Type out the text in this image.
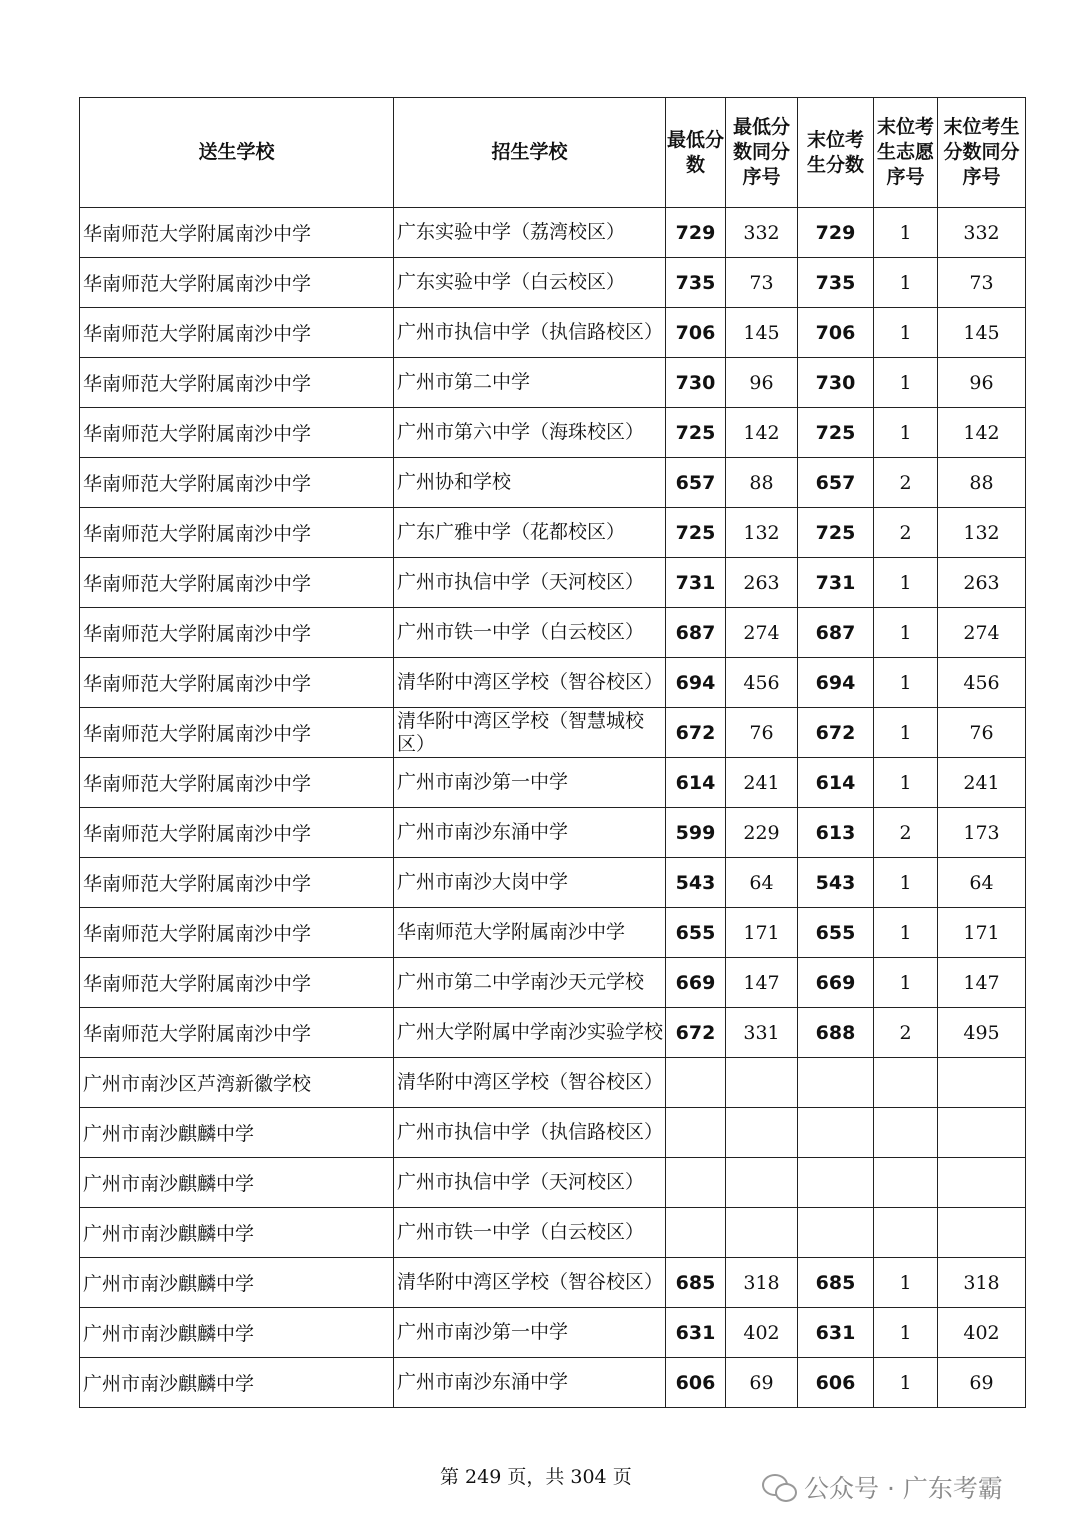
送生学校	招生学校	最低分数	最低分数同分序号	末位考生分数	末位考生志愿序号	末位考生分数同分序号
华南师范大学附属南沙中学	广东实验中学（荔湾校区）	729	332	729	1	332
华南师范大学附属南沙中学	广东实验中学（白云校区）	735	73	735	1	73
华南师范大学附属南沙中学	广州市执信中学（执信路校区）	706	145	706	1	145
华南师范大学附属南沙中学	广州市第二中学	730	96	730	1	96
华南师范大学附属南沙中学	广州市第六中学（海珠校区）	725	142	725	1	142
华南师范大学附属南沙中学	广州协和学校	657	88	657	2	88
华南师范大学附属南沙中学	广东广雅中学（花都校区）	725	132	725	2	132
华南师范大学附属南沙中学	广州市执信中学（天河校区）	731	263	731	1	263
华南师范大学附属南沙中学	广州市铁一中学（白云校区）	687	274	687	1	274
华南师范大学附属南沙中学	清华附中湾区学校（智谷校区）	694	456	694	1	456
华南师范大学附属南沙中学	清华附中湾区学校（智慧城校区）	672	76	672	1	76
华南师范大学附属南沙中学	广州市南沙第一中学	614	241	614	1	241
华南师范大学附属南沙中学	广州市南沙东涌中学	599	229	613	2	173
华南师范大学附属南沙中学	广州市南沙大岗中学	543	64	543	1	64
华南师范大学附属南沙中学	华南师范大学附属南沙中学	655	171	655	1	171
华南师范大学附属南沙中学	广州市第二中学南沙天元学校	669	147	669	1	147
华南师范大学附属南沙中学	广州大学附属中学南沙实验学校	672	331	688	2	495
广州市南沙区芦湾新徽学校	清华附中湾区学校（智谷校区）					
广州市南沙麒麟中学	广州市执信中学（执信路校区）					
广州市南沙麒麟中学	广州市执信中学（天河校区）					
广州市南沙麒麟中学	广州市铁一中学（白云校区）					
广州市南沙麒麟中学	清华附中湾区学校（智谷校区）	685	318	685	1	318
广州市南沙麒麟中学	广州市南沙第一中学	631	402	631	1	402
广州市南沙麒麟中学	广州市南沙东涌中学	606	69	606	1	69
第 249 页，共 304 页	公众号 · 广东考霸
